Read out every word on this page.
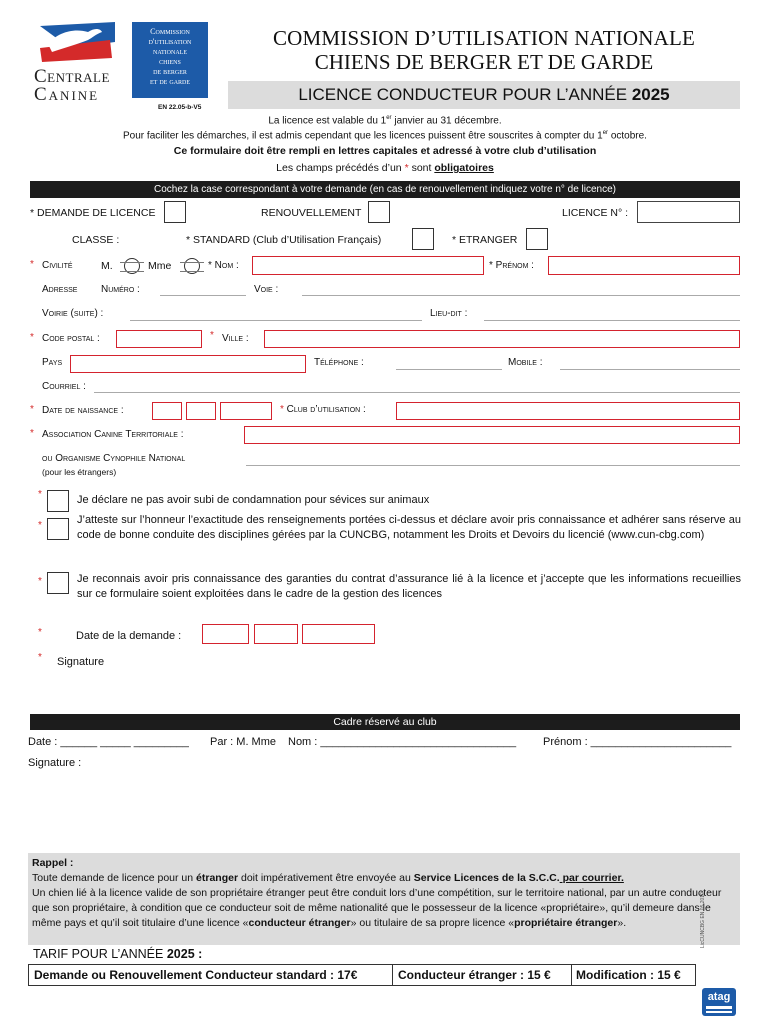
Centrale
Canine
Commission
d'utilisation
nationale
chiens
de berger
et de garde
EN 22.05-b-V5
COMMISSION D’UTILISATION NATIONALE
CHIENS DE BERGER ET DE GARDE
LICENCE CONDUCTEUR POUR L’ANNÉE 2025
La licence est valable du 1er janvier au 31 décembre.
Pour faciliter les démarches, il est admis cependant que les licences puissent être souscrites à compter du 1er octobre.
Ce formulaire doit être rempli en lettres capitales et adressé à votre club d’utilisation
Les champs précédés d’un * sont obligatoires
Cochez la case correspondant à votre demande (en cas de renouvellement indiquez votre n° de licence)
* DEMANDE DE LICENCE	RENOUVELLEMENT	LICENCE N° :
CLASSE :	* STANDARD (Club d’Utilisation Français)	* ETRANGER
* Civilité	M.	Mme	* Nom :	* Prénom :
Adresse Numéro :	Voie :
Voirie (suite) :	Lieu-dit :
* Code postal :	* Ville :
Pays	Téléphone :	Mobile :
Courriel :
* Date de naissance :	* Club d’utilisation :
* Association Canine Territoriale :
ou Organisme Cynophile National
(pour les étrangers)
*	Je déclare ne pas avoir subi de condamnation pour sévices sur animaux
*	J’atteste sur l’honneur l’exactitude des renseignements portées ci-dessus et déclare avoir pris connaissance et adhérer sans réserve au code de bonne conduite des disciplines gérées par la CUNCBG, notamment les Droits et Devoirs du licencié (www.cun-cbg.com)
*	Je reconnais avoir pris connaissance des garanties du contrat d’assurance lié à la licence et j’accepte que les informations recueillies sur ce formulaire soient exploitées dans le cadre de la gestion des licences
*	Date de la demande :
* Signature
Cadre réservé au club
Date : ______ _____ _________ Par : M. Mme Nom : ________________________________ Prénom : _______________________
Signature :
Rappel :
Toute demande de licence pour un étranger doit impérativement être envoyée au Service Licences de la S.C.C. par courrier.
Un chien lié à la licence valide de son propriétaire étranger peut être conduit lors d’une compétition, sur le territoire national, par un autre conducteur que son propriétaire, à condition que ce conducteur soit de même nationalité que le possesseur de la licence «propriétaire», qu’il demeure dans le même pays et qu’il soit titulaire d’une licence «conducteur étranger» ou titulaire de sa propre licence «propriétaire étranger».
TARIF POUR L’ANNÉE 2025 :
Demande ou Renouvellement Conducteur standard : 17€	Conducteur étranger : 15 € Modification : 15 €
LicCUNCBG EN 05 2019
atag
